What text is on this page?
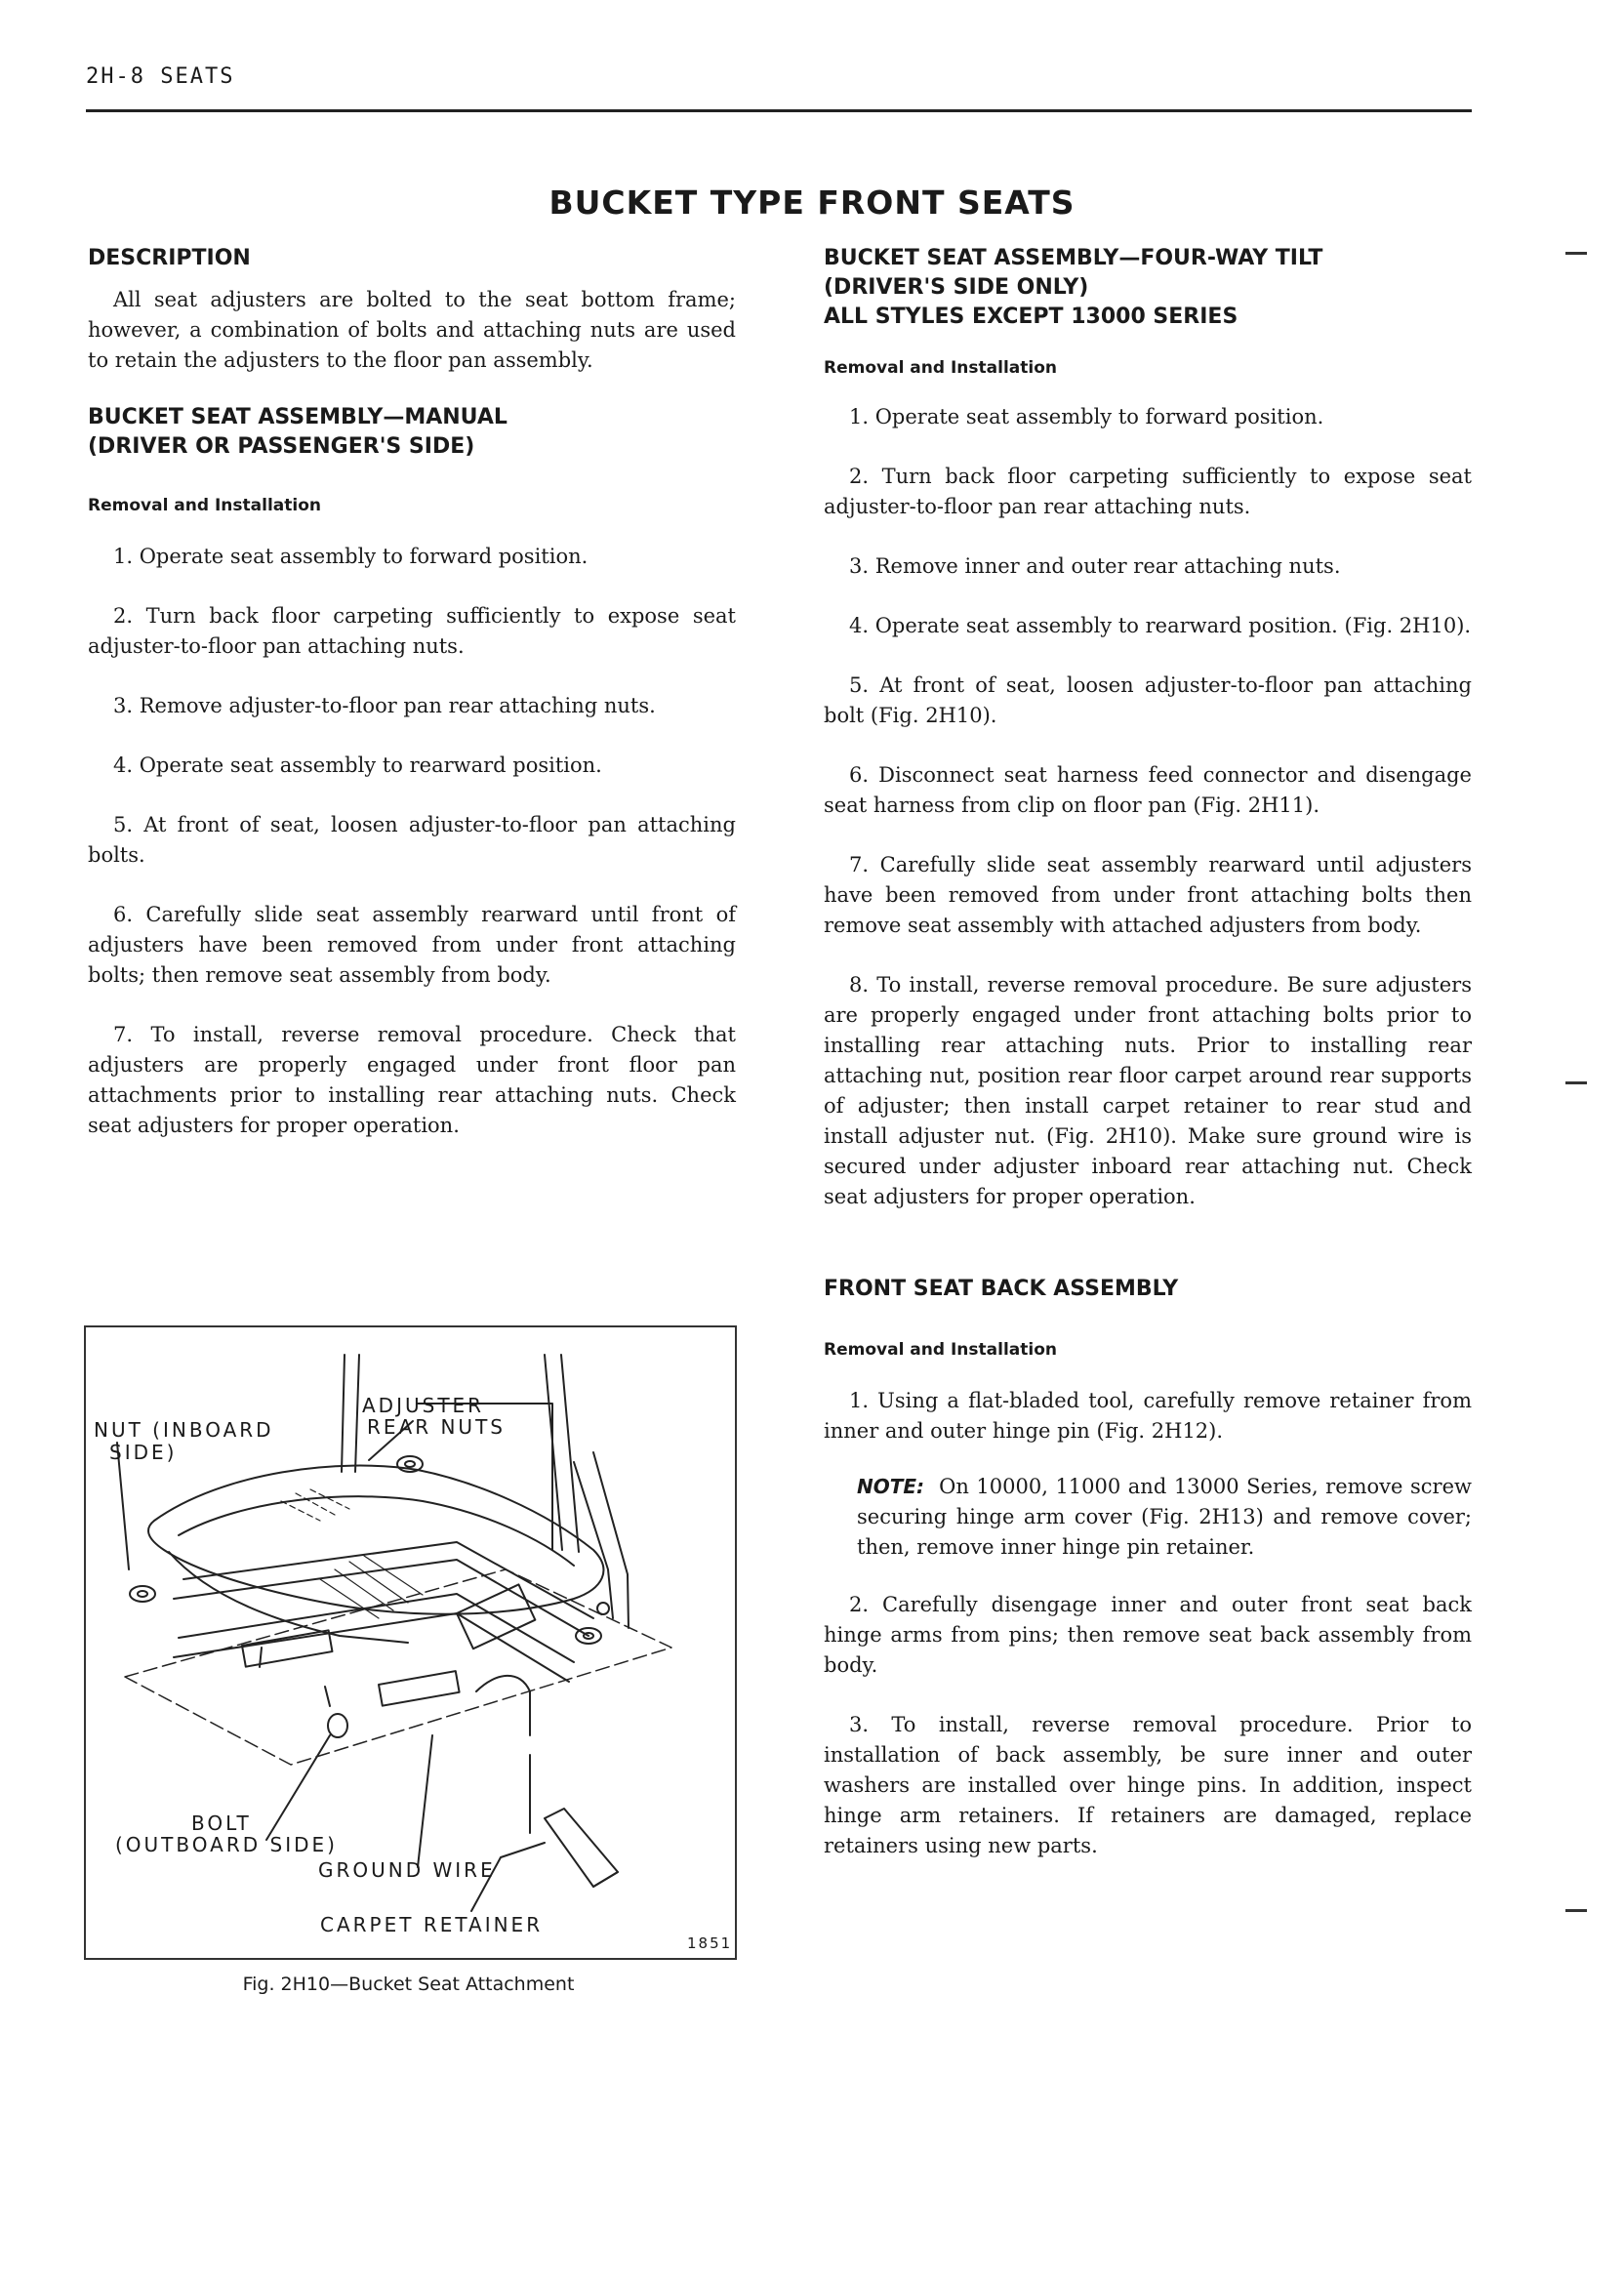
2H-8 SEATS
BUCKET TYPE FRONT SEATS
DESCRIPTION

All seat adjusters are bolted to the seat bottom frame; however, a combination of bolts and attaching nuts are used to retain the adjusters to the floor pan assembly.

BUCKET SEAT ASSEMBLY—MANUAL
(DRIVER OR PASSENGER'S SIDE)
Removal and Installation

1. Operate seat assembly to forward position.

2. Turn back floor carpeting sufficiently to expose seat adjuster-to-floor pan attaching nuts.

3. Remove adjuster-to-floor pan rear attaching nuts.

4. Operate seat assembly to rearward position.

5. At front of seat, loosen adjuster-to-floor pan attaching bolts.

6. Carefully slide seat assembly rearward until front of adjusters have been removed from under front attaching bolts; then remove seat assembly from body.

7. To install, reverse removal procedure. Check that adjusters are properly engaged under front floor pan attachments prior to installing rear attaching nuts. Check seat adjusters for proper operation.

ADJUSTER
REAR NUTS
NUT (INBOARD
SIDE)
BOLT
(OUTBOARD SIDE)
GROUND WIRE
CARPET RETAINER
1851
Fig. 2H10—Bucket Seat Attachment
BUCKET SEAT ASSEMBLY—FOUR-WAY TILT
(DRIVER'S SIDE ONLY)
ALL STYLES EXCEPT 13000 SERIES
Removal and Installation

1. Operate seat assembly to forward position.

2. Turn back floor carpeting sufficiently to expose seat adjuster-to-floor pan rear attaching nuts.

3. Remove inner and outer rear attaching nuts.

4. Operate seat assembly to rearward position. (Fig. 2H10).

5. At front of seat, loosen adjuster-to-floor pan attaching bolt (Fig. 2H10).

6. Disconnect seat harness feed connector and disengage seat harness from clip on floor pan (Fig. 2H11).

7. Carefully slide seat assembly rearward until adjusters have been removed from under front attaching bolts then remove seat assembly with attached adjusters from body.

8. To install, reverse removal procedure. Be sure adjusters are properly engaged under front attaching bolts prior to installing rear attaching nuts. Prior to installing rear attaching nut, position rear floor carpet around rear supports of adjuster; then install carpet retainer to rear stud and install adjuster nut. (Fig. 2H10). Make sure ground wire is secured under adjuster inboard rear attaching nut. Check seat adjusters for proper operation.

FRONT SEAT BACK ASSEMBLY
Removal and Installation

1. Using a flat-bladed tool, carefully remove retainer from inner and outer hinge pin (Fig. 2H12).

NOTE: On 10000, 11000 and 13000 Series, remove screw securing hinge arm cover (Fig. 2H13) and remove cover; then, remove inner hinge pin retainer.

2. Carefully disengage inner and outer front seat back hinge arms from pins; then remove seat back assembly from body.

3. To install, reverse removal procedure. Prior to installation of back assembly, be sure inner and outer washers are installed over hinge pins. In addition, inspect hinge arm retainers. If retainers are damaged, replace retainers using new parts.
